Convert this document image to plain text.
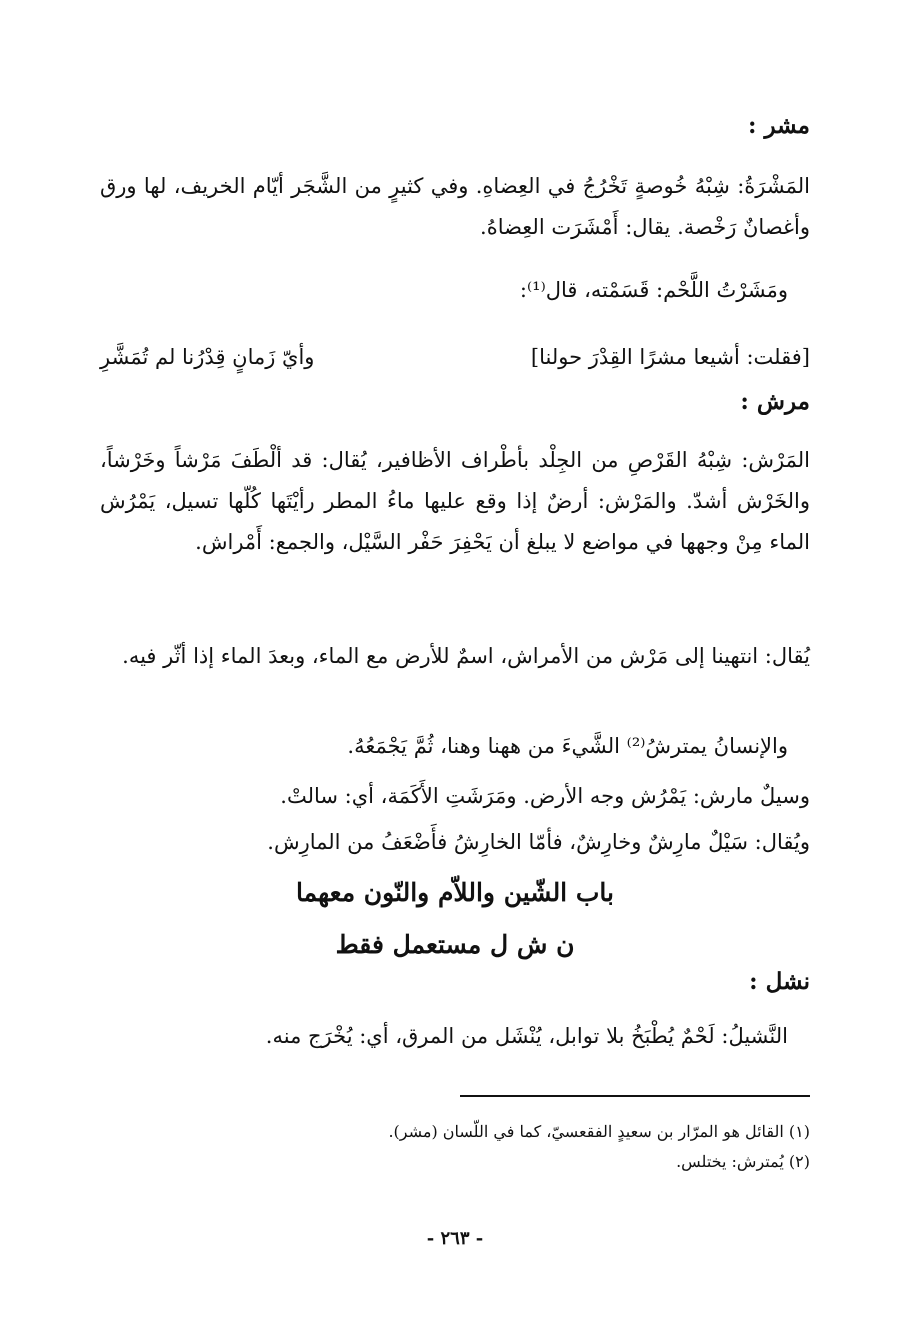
مشر :
المَشْرَةُ: شِبْهُ خُوصةٍ تَخْرُجُ في العِضاهِ. وفي كثيرٍ من الشَّجَر أيّام الخريف، لها ورق وأغصانٌ رَخْصة. يقال: أَمْشَرَت العِضاهُ.
ومَشَرْتُ اللَّحْم: قَسَمْته، قال⁽¹⁾:
[فقلت: أشيعا مشرًا القِدْرَ حولنا]
وأيّ زَمانٍ قِدْرُنا لم تُمَشَّرِ
مرش :
المَرْش: شِبْهُ القَرْصِ من الجِلْد بأطْراف الأظافير، يُقال: قد ألْطَفَ مَرْشاً وخَرْشاً، والخَرْش أشدّ. والمَرْش: أرضٌ إذا وقع عليها ماءُ المطر رأيْتَها كُلّها تسيل، يَمْرُش الماء مِنْ وجهها في مواضع لا يبلغ أن يَحْفِرَ حَفْر السَّيْل، والجمع: أَمْراش.
يُقال: انتهينا إلى مَرْش من الأمراش، اسمٌ للأرض مع الماء، وبعدَ الماء إذا أثّر فيه.
والإنسانُ يمترشُ⁽²⁾ الشَّيءَ من ههنا وهنا، ثُمَّ يَجْمَعُهُ.
وسيلٌ مارش: يَمْرُش وجه الأرض. ومَرَشَتِ الأَكَمَة، أي: سالتْ.
ويُقال: سَيْلٌ مارِشٌ وخارِشٌ، فأمّا الخارِشُ فأَضْعَفُ من المارِش.
باب الشّين واللاّم والنّون معهما
ن ش ل مستعمل فقط
نشل :
النَّشيلُ: لَحْمٌ يُطْبَخُ بلا توابل، يُنْشَل من المرق، أي: يُخْرَج منه.
(١) القائل هو المرّار بن سعيدٍ الفقعسيّ، كما في اللّسان (مشر).
(٢) يُمترش: يختلس.
- ٢٦٣ -
